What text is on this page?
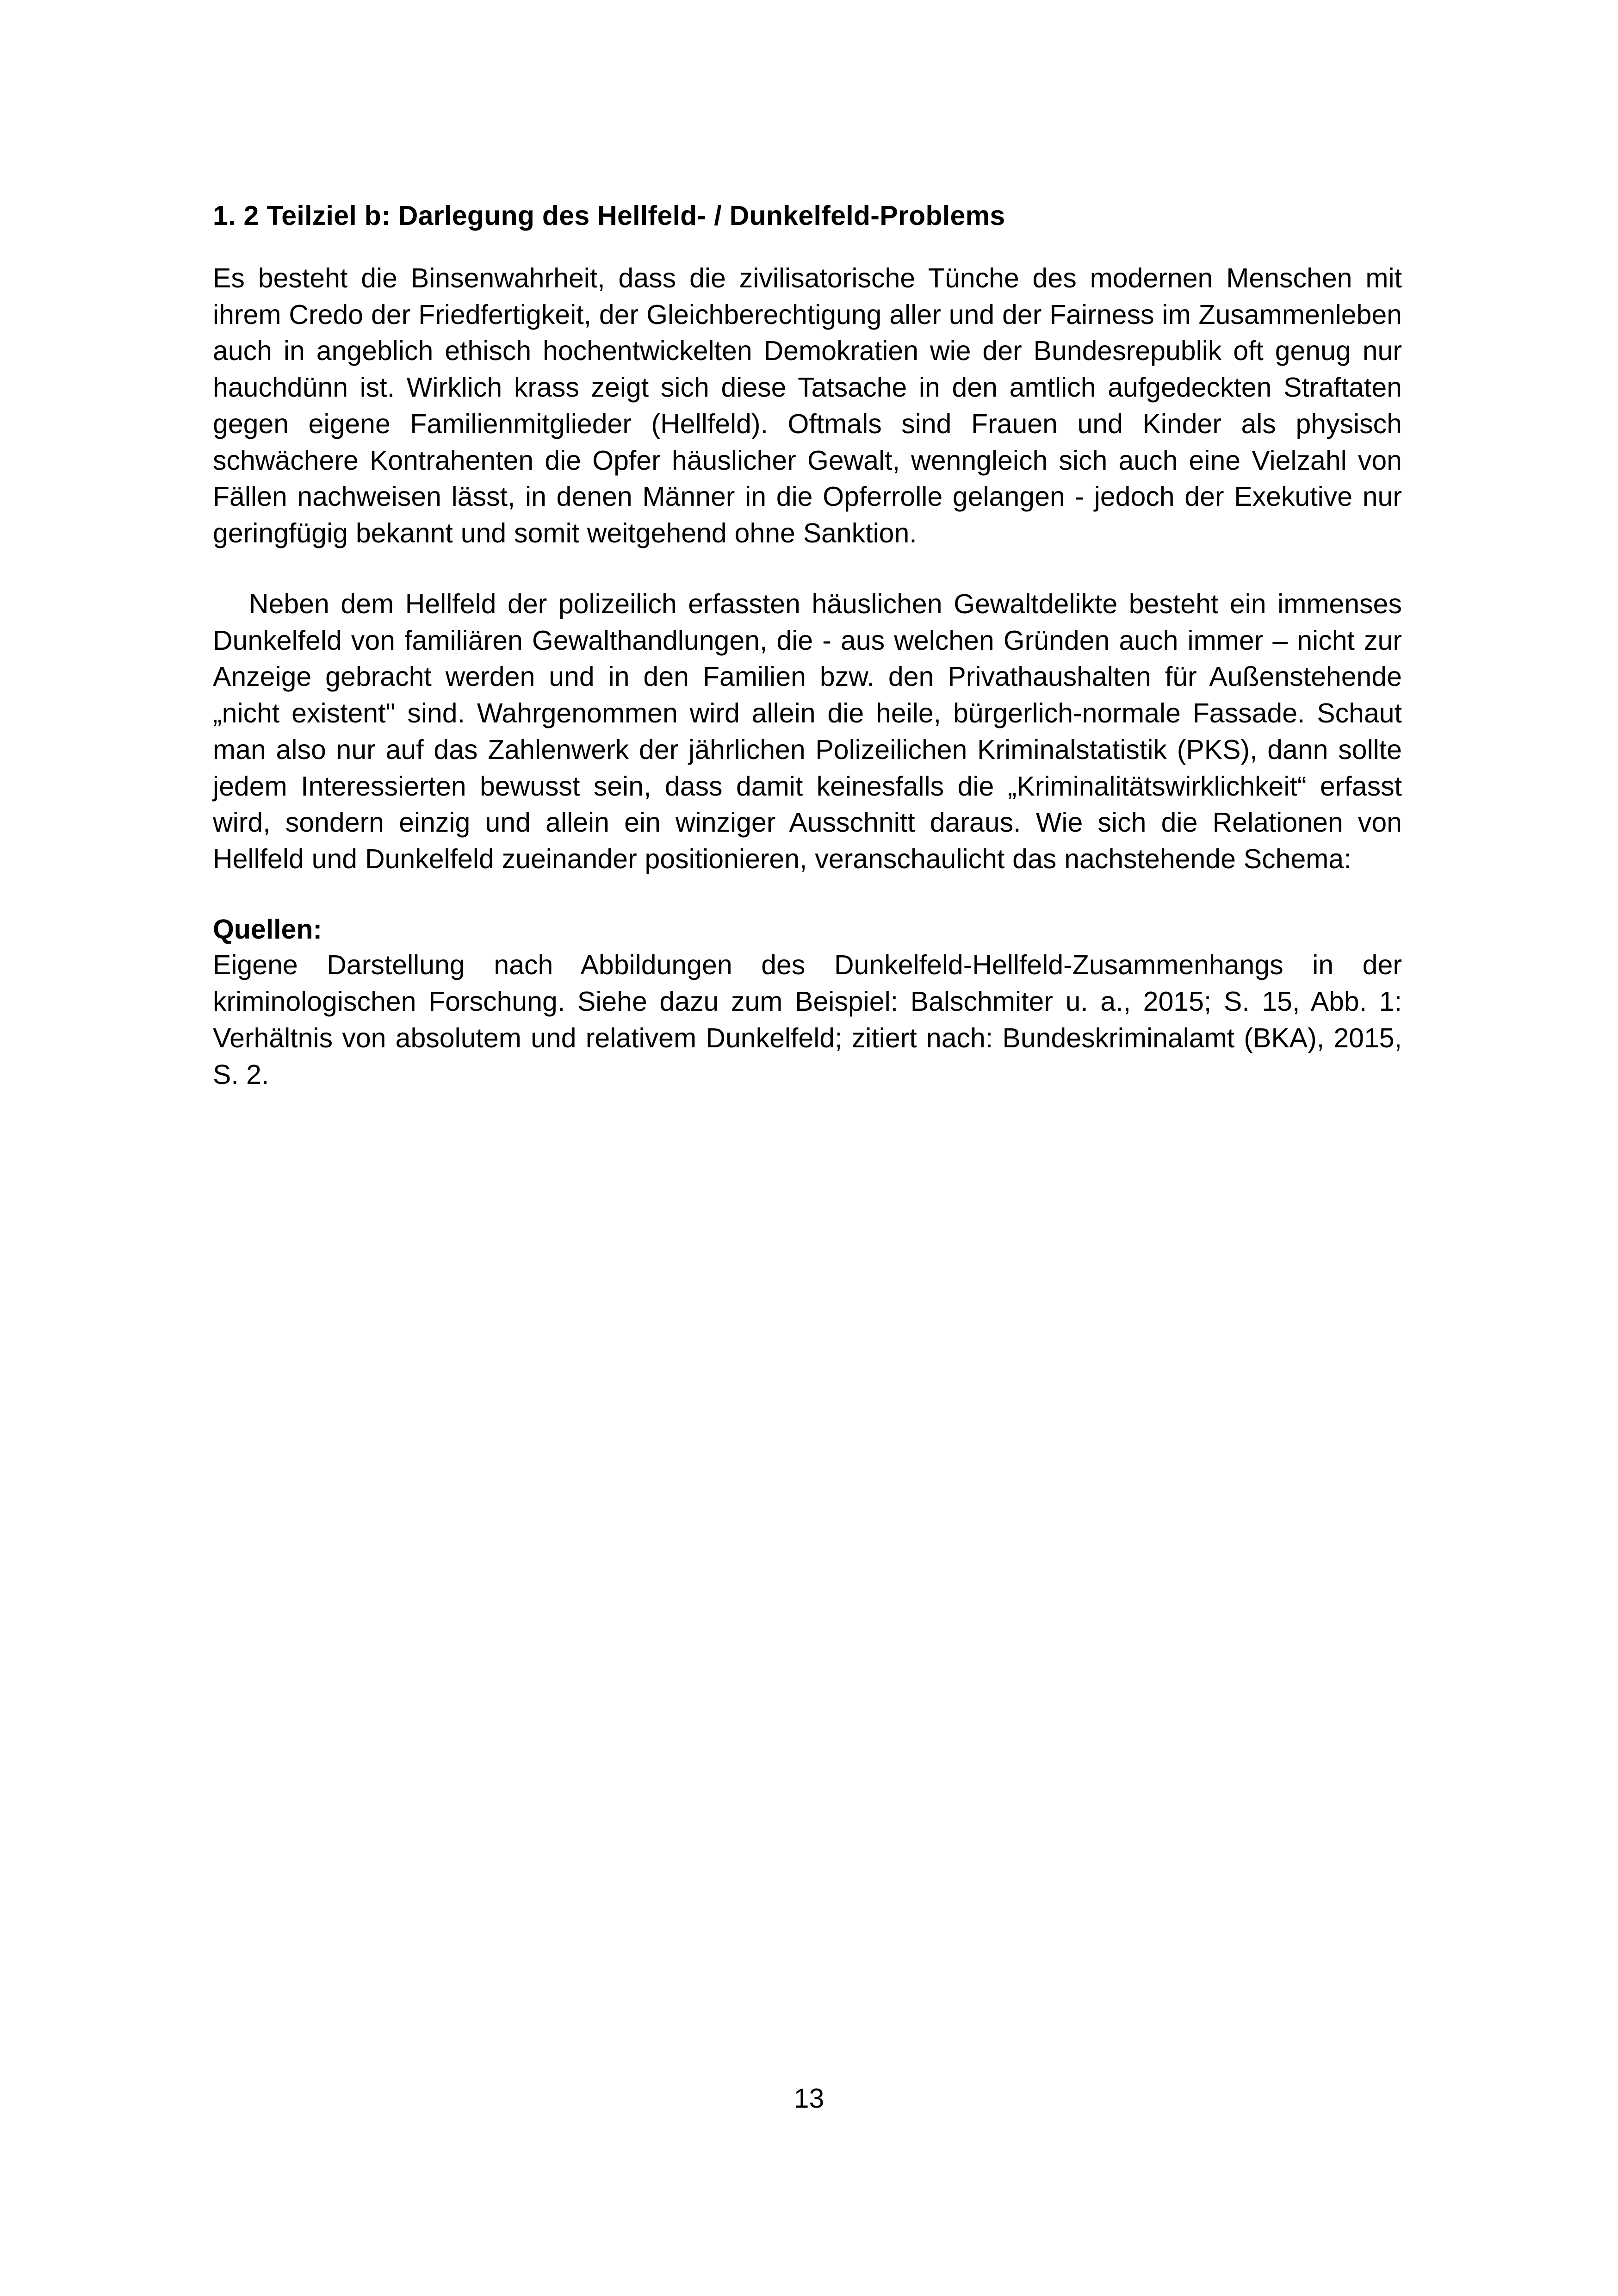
1. 2 Teilziel b: Darlegung des Hellfeld- / Dunkelfeld-Problems

Es besteht die Binsenwahrheit, dass die zivilisatorische Tünche des modernen Menschen mit ihrem Credo der Friedfertigkeit, der Gleichberechtigung aller und der Fairness im Zusammenleben auch in angeblich ethisch hochentwickelten Demokratien wie der Bundesrepublik oft genug nur hauchdünn ist. Wirklich krass zeigt sich diese Tatsache in den amtlich aufgedeckten Straftaten gegen eigene Familienmitglieder (Hellfeld). Oftmals sind Frauen und Kinder als physisch schwächere Kontrahenten die Opfer häuslicher Gewalt, wenngleich sich auch eine Vielzahl von Fällen nachweisen lässt, in denen Männer in die Opferrolle gelangen - jedoch der Exekutive nur geringfügig bekannt und somit weitgehend ohne Sanktion.

Neben dem Hellfeld der polizeilich erfassten häuslichen Gewaltdelikte besteht ein immenses Dunkelfeld von familiären Gewalthandlungen, die - aus welchen Gründen auch immer – nicht zur Anzeige gebracht werden und in den Familien bzw. den Privathaushalten für Außenstehende „nicht existent" sind. Wahrgenommen wird allein die heile, bürgerlich-normale Fassade. Schaut man also nur auf das Zahlenwerk der jährlichen Polizeilichen Kriminalstatistik (PKS), dann sollte jedem Interessierten bewusst sein, dass damit keinesfalls die „Kriminalitätswirklichkeit“ erfasst wird, sondern einzig und allein ein winziger Ausschnitt daraus. Wie sich die Relationen von Hellfeld und Dunkelfeld zueinander positionieren, veranschaulicht das nachstehende Schema:

Quellen:

Eigene Darstellung nach Abbildungen des Dunkelfeld-Hellfeld-Zusammenhangs in der kriminologischen Forschung. Siehe dazu zum Beispiel: Balschmiter u. a., 2015; S. 15, Abb. 1: Verhältnis von absolutem und relativem Dunkelfeld; zitiert nach: Bundeskriminalamt (BKA), 2015, S. 2.

13
